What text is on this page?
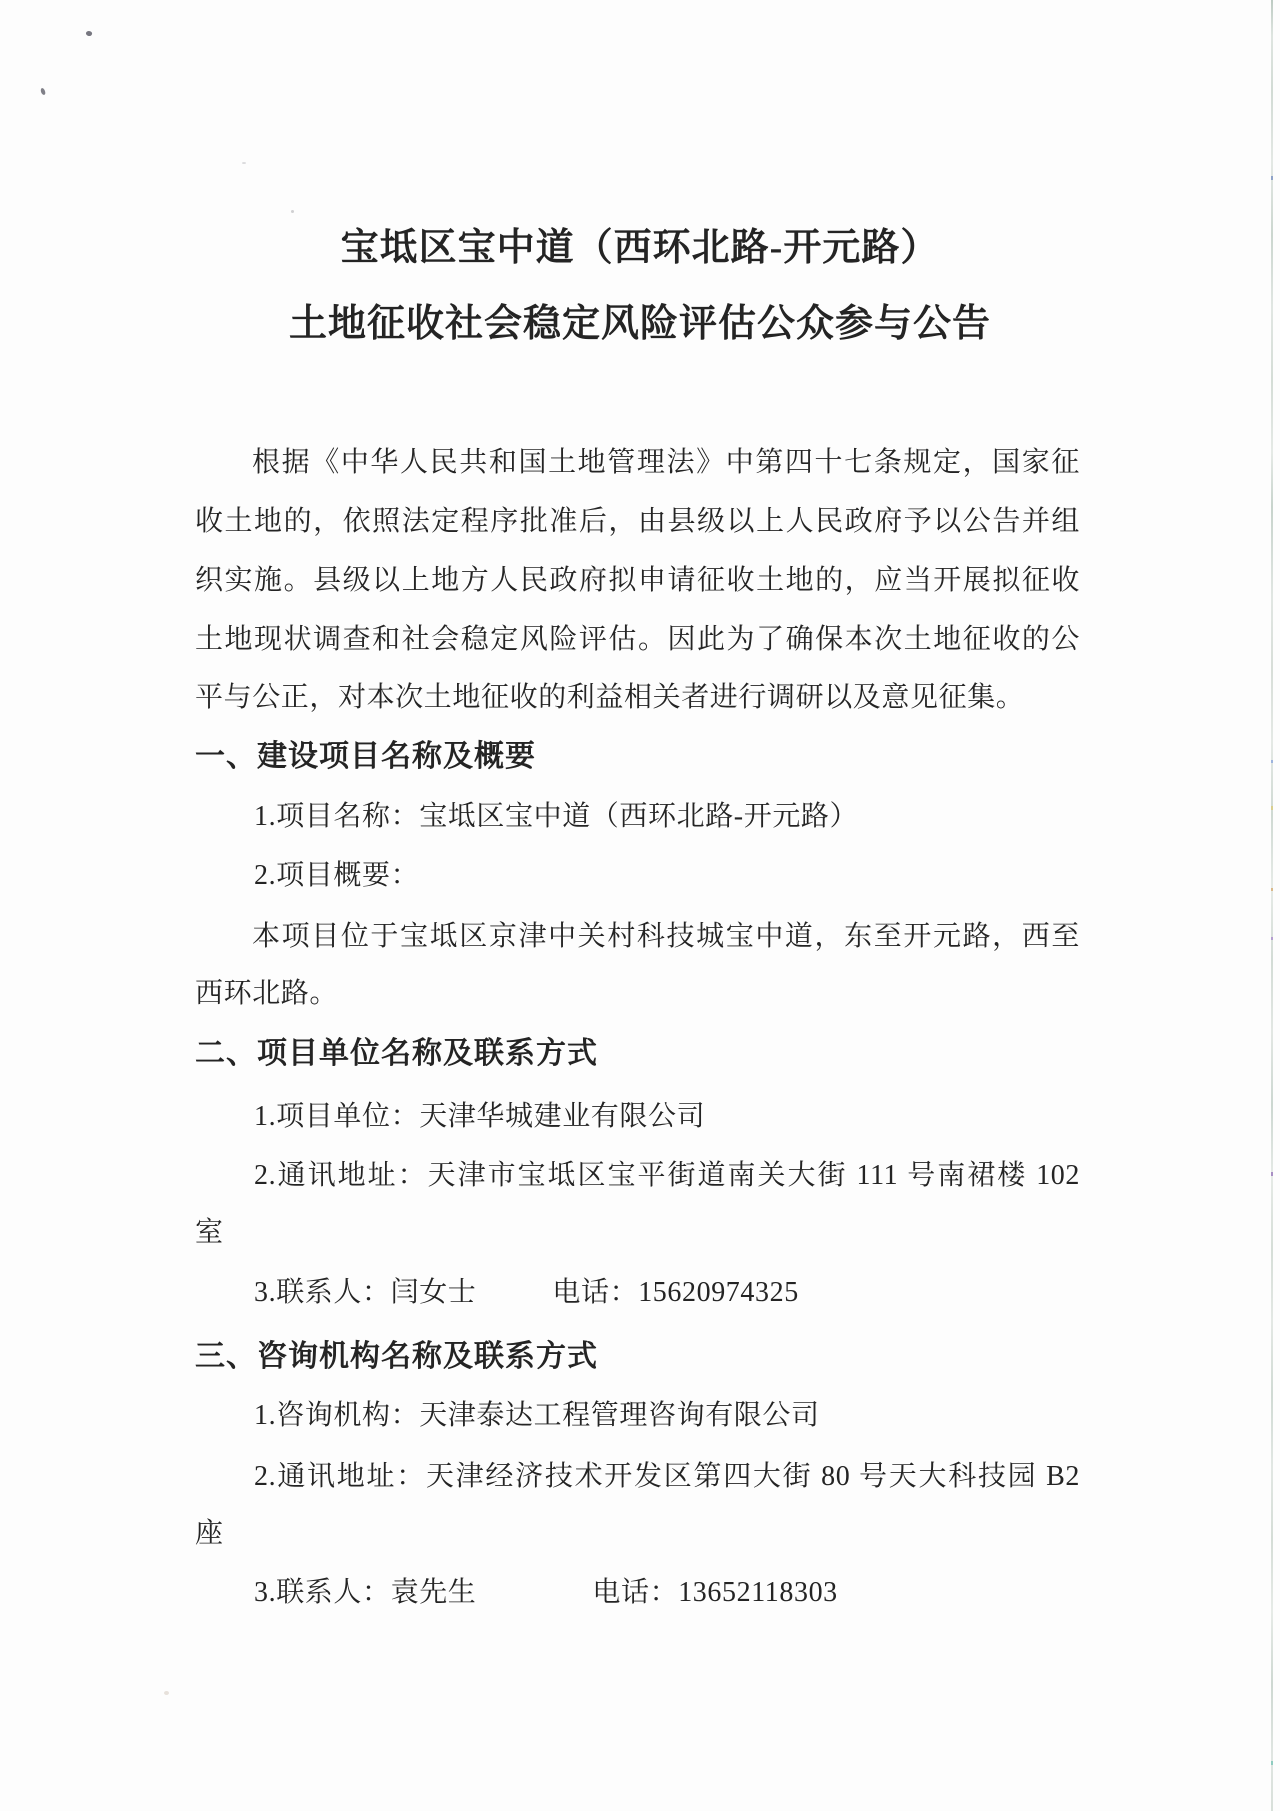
宝坻区宝中道（西环北路-开元路）
土地征收社会稳定风险评估公众参与公告
根据《中华人民共和国土地管理法》中第四十七条规定，国家征
收土地的，依照法定程序批准后，由县级以上人民政府予以公告并组
织实施。县级以上地方人民政府拟申请征收土地的，应当开展拟征收
土地现状调查和社会稳定风险评估。因此为了确保本次土地征收的公
平与公正，对本次土地征收的利益相关者进行调研以及意见征集。
一、建设项目名称及概要
1.项目名称：宝坻区宝中道（西环北路-开元路）
2.项目概要：
本项目位于宝坻区京津中关村科技城宝中道，东至开元路，西至
西环北路。
二、项目单位名称及联系方式
1.项目单位：天津华城建业有限公司
2.通讯地址：天津市宝坻区宝平街道南关大街 111 号南裙楼 102
室
3.联系人：闫女士	电话：15620974325
三、咨询机构名称及联系方式
1.咨询机构：天津泰达工程管理咨询有限公司
2.通讯地址：天津经济技术开发区第四大街 80 号天大科技园 B2
座
3.联系人：袁先生	电话：13652118303
